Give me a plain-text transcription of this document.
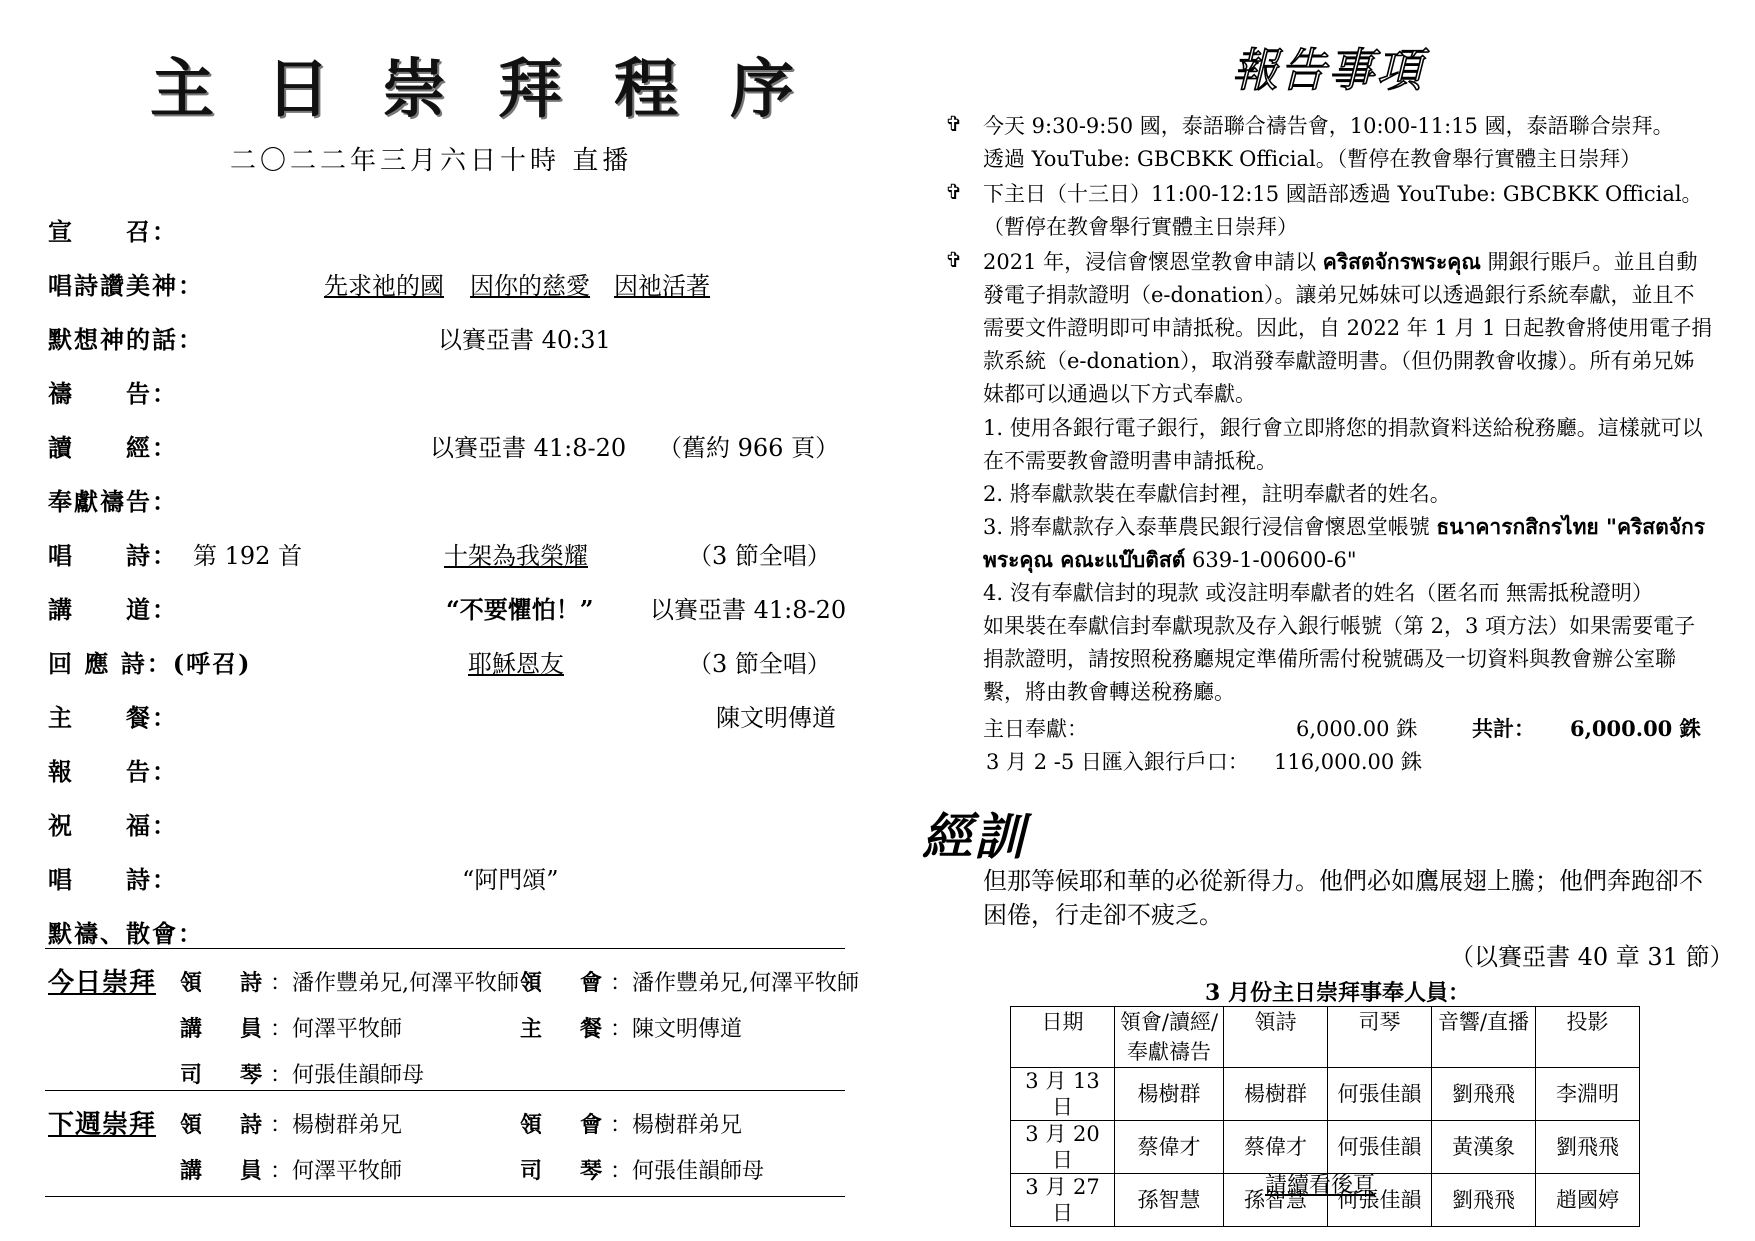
主日崇拜程序
二〇二二年三月六日十時 直播
宣　　召：
唱詩讚美神：	先求祂的國 因你的慈愛 因祂活著
默想神的話：	以賽亞書 40:31
禱　　告：
讀　　經：	以賽亞書 41:8-20 （舊約 966 頁）
奉獻禱告：
唱　　詩： 第 192 首	十架為我榮耀	（3 節全唱）
講　　道：	“不要懼怕！” 以賽亞書 41:8-20
回 應 詩：(呼召)	耶穌恩友	（3 節全唱）
主　　餐：	陳文明傳道
報　　告：
祝　　福：
唱　　詩：	“阿門頌”
默禱、散會：
今日崇拜 領　詩：潘作豐弟兄,何澤平牧師 領　會：潘作豐弟兄,何澤平牧師
講　員：何澤平牧師	主　餐：陳文明傳道
司　琴：何張佳韻師母
下週崇拜 領　詩：楊樹群弟兄	領　會：楊樹群弟兄
講　員：何澤平牧師	司　琴：何張佳韻師母
報告事項
✞ 今天 9:30-9:50 國，泰語聯合禱告會，10:00-11:15 國，泰語聯合崇拜。
透過 YouTube: GBCBKK Official。（暫停在教會舉行實體主日崇拜）
✞ 下主日（十三日）11:00-12:15 國語部透過 YouTube: GBCBKK Official。
（暫停在教會舉行實體主日崇拜）
✞ 2021 年，浸信會懷恩堂教會申請以 คริสตจักรพระคุณ 開銀行賬戶。並且自動發電子捐款證明（e-donation）。讓弟兄姊妹可以透過銀行系統奉獻，並且不需要文件證明即可申請抵稅。因此，自 2022 年 1 月 1 日起教會將使用電子捐款系統（e-donation），取消發奉獻證明書。（但仍開教會收據）。所有弟兄姊妹都可以通過以下方式奉獻。
1. 使用各銀行電子銀行，銀行會立即將您的捐款資料送給稅務廳。這樣就可以在不需要教會證明書申請抵稅。
2. 將奉獻款裝在奉獻信封裡，註明奉獻者的姓名。
3. 將奉獻款存入泰華農民銀行浸信會懷恩堂帳號 ธนาคารกสิกรไทย "คริสตจักรพระคุณ คณะแบ๊บติสต์ 639-1-00600-6"
4. 沒有奉獻信封的現款 或沒註明奉獻者的姓名（匿名而 無需抵稅證明）
如果裝在奉獻信封奉獻現款及存入銀行帳號（第 2，3 項方法）如果需要電子捐款證明，請按照稅務廳規定準備所需付稅號碼及一切資料與教會辦公室聯繫，將由教會轉送稅務廳。
主日奉獻：	6,000.00 銖	共計： 6,000.00 銖
3 月 2 -5 日匯入銀行戶口： 116,000.00 銖
經訓
但那等候耶和華的必從新得力。他們必如鷹展翅上騰；他們奔跑卻不困倦，行走卻不疲乏。
（以賽亞書 40 章 31 節）
3 月份主日崇拜事奉人員：
日期	領會/讀經/奉獻禱告	領詩	司琴	音響/直播	投影
3 月 13 日	楊樹群	楊樹群	何張佳韻	劉飛飛	李淵明
3 月 20 日	蔡偉才	蔡偉才	何張佳韻	黃漢象	劉飛飛
3 月 27 日	孫智慧	孫智慧	何張佳韻	劉飛飛	趙國婷
請續看後頁
